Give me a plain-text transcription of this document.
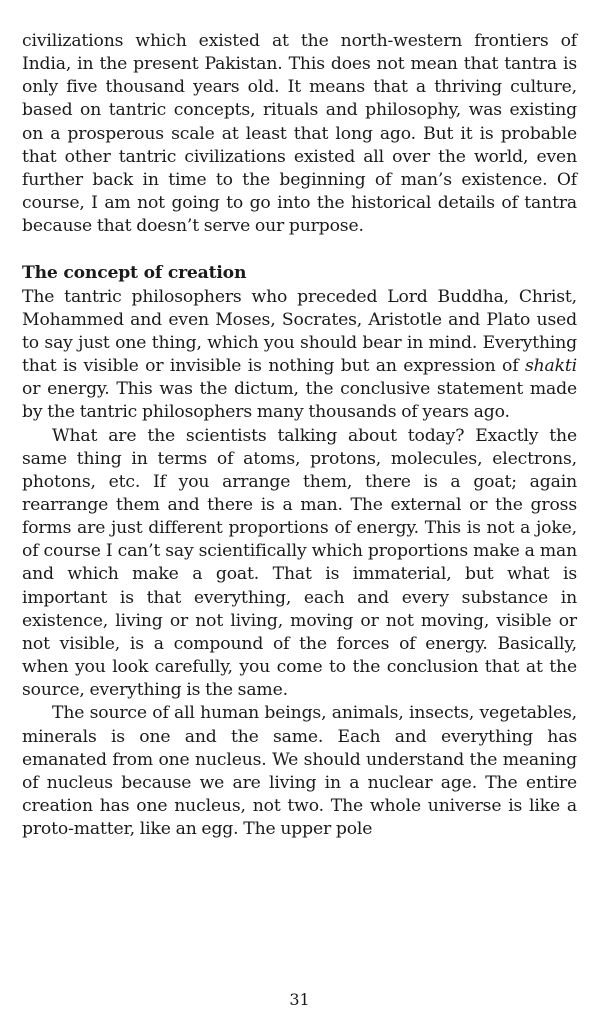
civilizations which existed at the north-western frontiers of India, in the present Pakistan. This does not mean that tantra is only five thousand years old. It means that a thriving culture, based on tantric concepts, rituals and philosophy, was existing on a prosperous scale at least that long ago. But it is probable that other tantric civilizations existed all over the world, even further back in time to the beginning of man’s existence. Of course, I am not going to go into the historical details of tantra because that doesn’t serve our purpose.

The concept of creation

The tantric philosophers who preceded Lord Buddha, Christ, Mohammed and even Moses, Socrates, Aristotle and Plato used to say just one thing, which you should bear in mind. Everything that is visible or invisible is nothing but an expression of shakti or energy. This was the dictum, the conclusive statement made by the tantric philosophers many thousands of years ago.

What are the scientists talking about today? Exactly the same thing in terms of atoms, protons, molecules, electrons, photons, etc. If you arrange them, there is a goat; again rearrange them and there is a man. The external or the gross forms are just different proportions of energy. This is not a joke, of course I can’t say scientifically which proportions make a man and which make a goat. That is immaterial, but what is important is that everything, each and every substance in existence, living or not living, moving or not moving, visible or not visible, is a compound of the forces of energy. Basically, when you look carefully, you come to the conclusion that at the source, everything is the same.

The source of all human beings, animals, insects, vegetables, minerals is one and the same. Each and everything has emanated from one nucleus. We should understand the meaning of nucleus because we are living in a nuclear age. The entire creation has one nucleus, not two. The whole universe is like a proto-matter, like an egg. The upper pole

31
